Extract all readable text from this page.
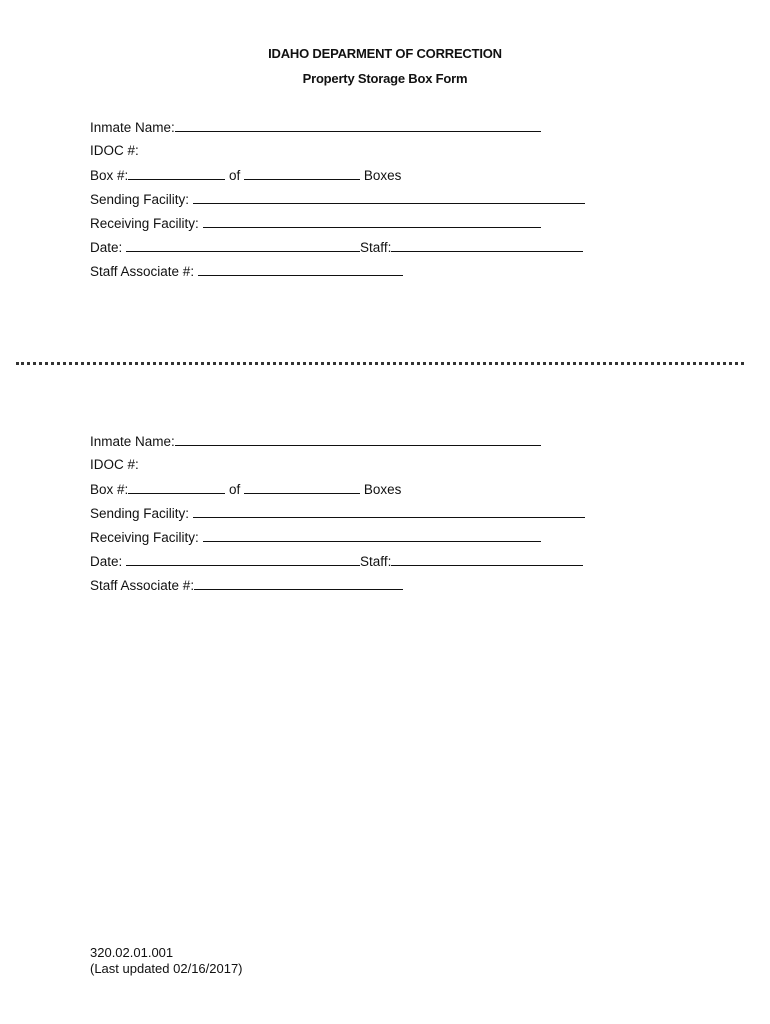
IDAHO DEPARMENT OF CORRECTION
Property Storage Box Form
Inmate Name:
IDOC #:
Box #:	of	Boxes
Sending Facility:
Receiving Facility:
Date:	Staff:
Staff Associate #:
Inmate Name:
IDOC #:
Box #:	of	Boxes
Sending Facility:
Receiving Facility:
Date:	Staff:
Staff Associate #:
320.02.01.001
(Last updated 02/16/2017)
